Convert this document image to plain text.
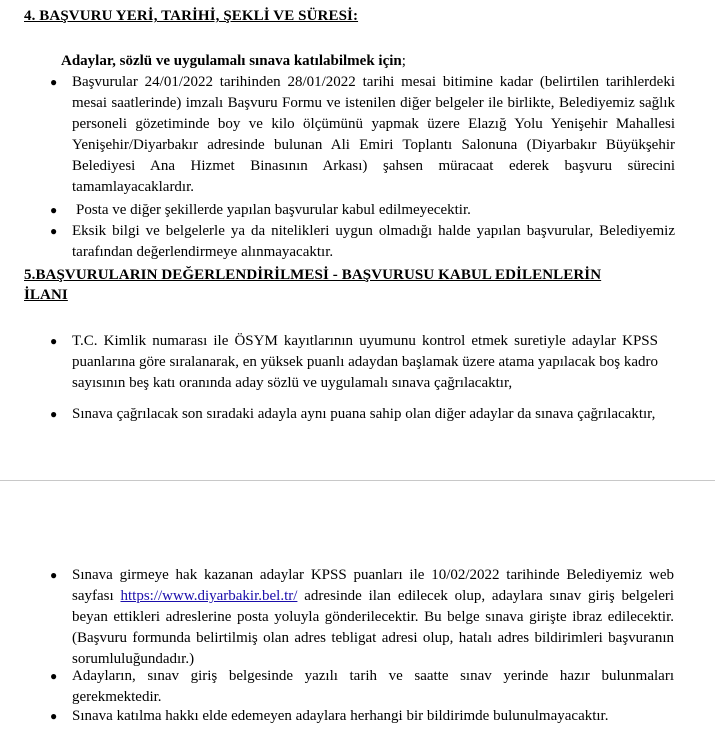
4. BAŞVURU YERİ, TARİHİ, ŞEKLİ VE SÜRESİ:
Adaylar, sözlü ve uygulamalı sınava katılabilmek için;
● Başvurular 24/01/2022 tarihinden 28/01/2022 tarihi mesai bitimine kadar (belirtilen tarihlerdeki mesai saatlerinde) imzalı Başvuru Formu ve istenilen diğer belgeler ile birlikte, Belediyemiz sağlık personeli gözetiminde boy ve kilo ölçümünü yapmak üzere Elazığ Yolu Yenişehir Mahallesi Yenişehir/Diyarbakır adresinde bulunan Ali Emiri Toplantı Salonuna (Diyarbakır Büyükşehir Belediyesi Ana Hizmet Binasının Arkası) şahsen müracaat ederek başvuru sürecini tamamlayacaklardır.
● Posta ve diğer şekillerde yapılan başvurular kabul edilmeyecektir.
● Eksik bilgi ve belgelerle ya da nitelikleri uygun olmadığı halde yapılan başvurular, Belediyemiz tarafından değerlendirmeye alınmayacaktır.
5.BAŞVURULARIN DEĞERLENDİRİLMESİ - BAŞVURUSU KABUL EDİLENLERİN
İLANI
● T.C. Kimlik numarası ile ÖSYM kayıtlarının uyumunu kontrol etmek suretiyle adaylar KPSS puanlarına göre sıralanarak, en yüksek puanlı adaydan başlamak üzere atama yapılacak boş kadro sayısının beş katı oranında aday sözlü ve uygulamalı sınava çağrılacaktır,
● Sınava çağrılacak son sıradaki adayla aynı puana sahip olan diğer adaylar da sınava çağrılacaktır,
● Sınava girmeye hak kazanan adaylar KPSS puanları ile 10/02/2022 tarihinde Belediyemiz web sayfası https://www.diyarbakir.bel.tr/ adresinde ilan edilecek olup, adaylara sınav giriş belgeleri beyan ettikleri adreslerine posta yoluyla gönderilecektir. Bu belge sınava girişte ibraz edilecektir. (Başvuru formunda belirtilmiş olan adres tebligat adresi olup, hatalı adres bildirimleri başvuranın sorumluluğundadır.)
● Adayların, sınav giriş belgesinde yazılı tarih ve saatte sınav yerinde hazır bulunmaları gerekmektedir.
● Sınava katılma hakkı elde edemeyen adaylara herhangi bir bildirimde bulunulmayacaktır.
